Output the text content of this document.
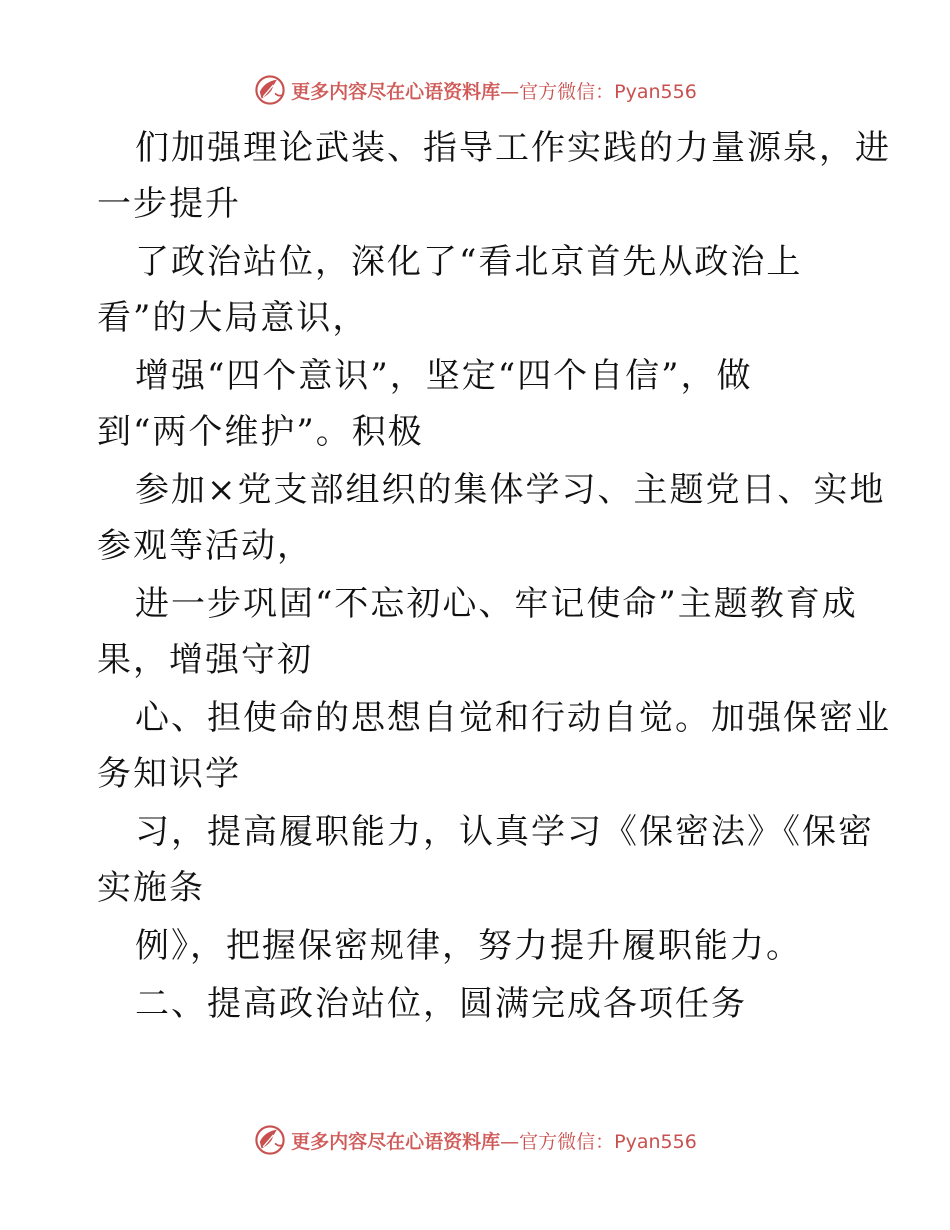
更多内容尽在心语资料库—官方微信：Pyan556
们加强理论武装、指导工作实践的力量源泉，进
一步提升
了政治站位，深化了“看北京首先从政治上
看”的大局意识，
增强“四个意识”，坚定“四个自信”，做
到“两个维护”。积极
参加×党支部组织的集体学习、主题党日、实地
参观等活动，
进一步巩固“不忘初心、牢记使命”主题教育成
果，增强守初
心、担使命的思想自觉和行动自觉。加强保密业
务知识学
习，提高履职能力，认真学习《保密法》《保密
实施条
例》，把握保密规律，努力提升履职能力。
二、提高政治站位，圆满完成各项任务
更多内容尽在心语资料库—官方微信：Pyan556
